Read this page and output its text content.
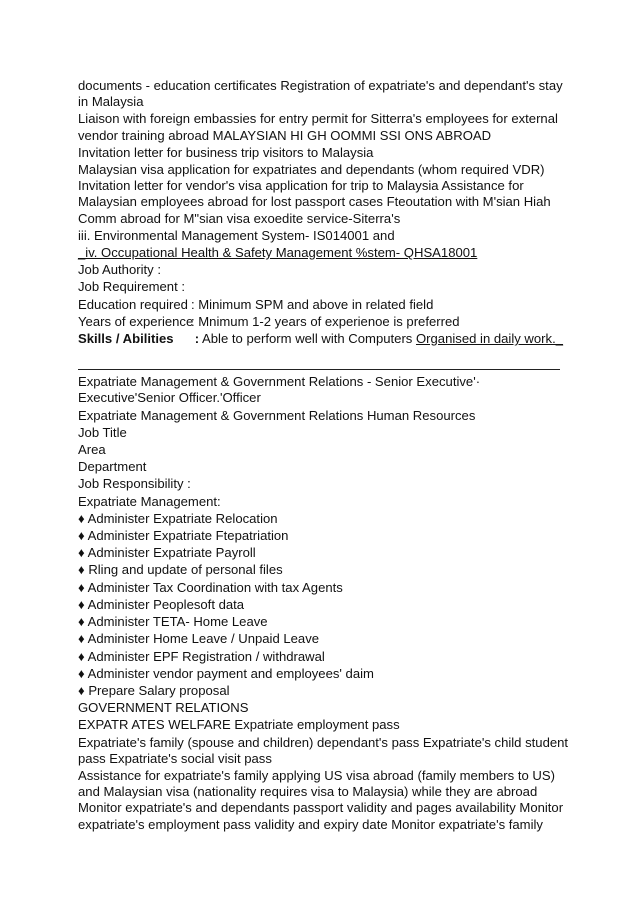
documents - education certificates Registration of expatriate's and dependant's stay
in Malaysia
Liaison with foreign embassies for entry permit for Sitterra's employees for external
vendor training abroad MALAYSIAN HI GH OOMMI SSI ONS ABROAD
Invitation letter for business trip visitors to Malaysia
Malaysian visa application for expatriates and dependants (whom required VDR)
Invitation letter for vendor's visa application for trip to Malaysia Assistance for
Malaysian employees abroad for lost passport cases Fteoutation with M'sian Hiah
Comm abroad for M"sian visa exoedite service-Siterra's
iii. Environmental Management System- IS014001 and
_iv. Occupational Health & Safety Management %stem- QHSA18001
Job Authority :
Job Requirement :
Education required : Minimum SPM and above in related field
Years of experience
: Mnimum 1-2 years of experienoe is preferred
Skills / Abilities	: Able to perform well with Computers Organised in daily work._
Expatriate Management & Government Relations - Senior Executive'·
Executive'Senior Officer.'Officer
Expatriate Management & Government Relations Human Resources
Job Title
Area
Department
Job Responsibility :
Expatriate Management:
♦ Administer Expatriate Relocation
♦ Administer Expatriate Ftepatriation
♦ Administer Expatriate Payroll
♦ Rling and update of personal files
♦ Administer Tax Coordination with tax Agents
♦ Administer Peoplesoft data
♦ Administer TETA- Home Leave
♦ Administer Home Leave / Unpaid Leave
♦ Administer EPF Registration / withdrawal
♦ Administer vendor payment and employees' daim
♦ Prepare Salary proposal
GOVERNMENT RELATIONS
EXPATR ATES WELFARE Expatriate employment pass
Expatriate's family (spouse and children) dependant's pass Expatriate's child student
pass Expatriate's social visit pass
Assistance for expatriate's family applying US visa abroad (family members to US)
and Malaysian visa (nationality requires visa to Malaysia) while they are abroad
Monitor expatriate's and dependants passport validity and pages availability Monitor
expatriate's employment pass validity and expiry date Monitor expatriate's family
